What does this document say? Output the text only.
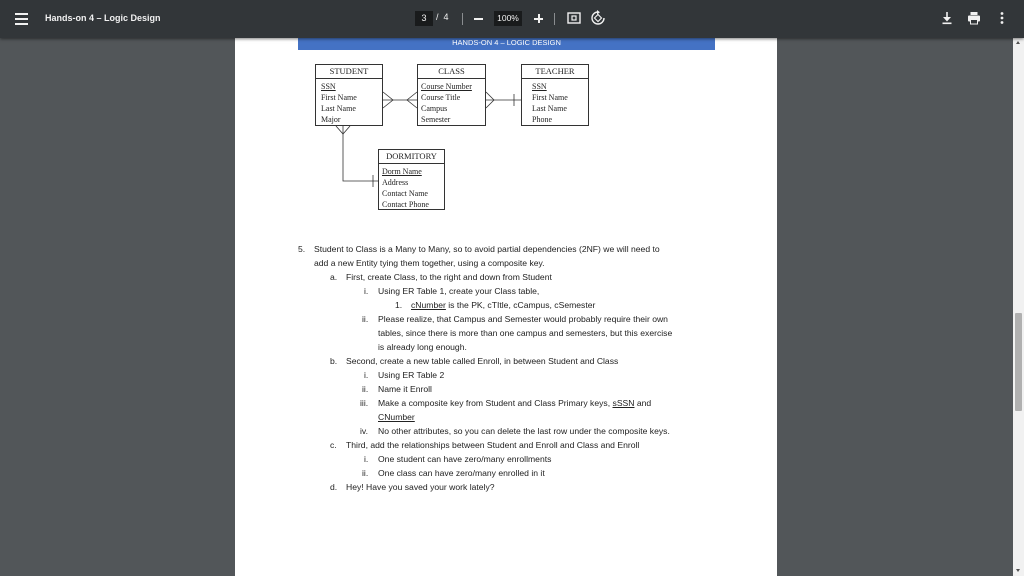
Hands-on 4 – Logic Design	3	/ 4	100%
HANDS-ON 4 – LOGIC DESIGN
STUDENT
SSN
First Name
Last Name
Major
CLASS
Course Number
Course Title
Campus
Semester
TEACHER
SSN
First Name
Last Name
Phone
DORMITORY
Dorm Name
Address
Contact Name
Contact Phone
5. Student to Class is a Many to Many, so to avoid partial dependencies (2NF) we will need to
add a new Entity tying them together, using a composite key.
a. First, create Class, to the right and down from Student
i. Using ER Table 1, create your Class table,
1. cNumber is the PK, cTItle, cCampus, cSemester
ii. Please realize, that Campus and Semester would probably require their own
tables, since there is more than one campus and semesters, but this exercise
is already long enough.
b. Second, create a new table called Enroll, in between Student and Class
i. Using ER Table 2
ii. Name it Enroll
iii. Make a composite key from Student and Class Primary keys, sSSN and
CNumber
iv. No other attributes, so you can delete the last row under the composite keys.
c. Third, add the relationships between Student and Enroll and Class and Enroll
i. One student can have zero/many enrollments
ii. One class can have zero/many enrolled in it
d. Hey! Have you saved your work lately?
